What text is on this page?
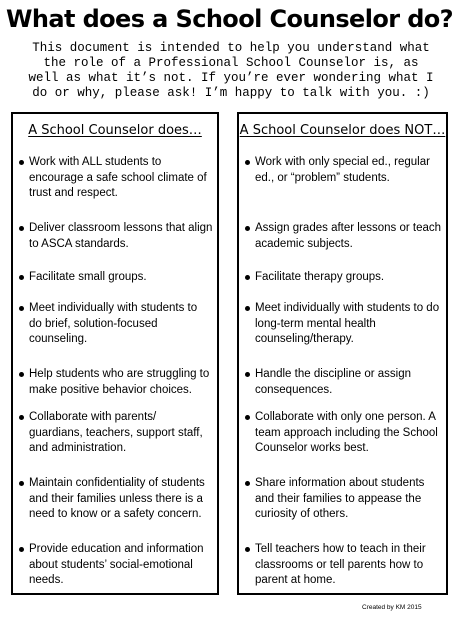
What does a School Counselor do?

This document is intended to help you understand what the role of a Professional School Counselor is, as well as what it’s not. If you’re ever wondering what I do or why, please ask! I’m happy to talk with you. :)

A School Counselor does…
Work with ALL students to encourage a safe school climate of trust and respect.
Deliver classroom lessons that align to ASCA standards.
Facilitate small groups.
Meet individually with students to do brief, solution-focused counseling.
Help students who are struggling to make positive behavior choices.
Collaborate with parents/ guardians, teachers, support staff, and administration.
Maintain confidentiality of students and their families unless there is a need to know or a safety concern.
Provide education and information about students’ social-emotional needs.
A School Counselor does NOT…
Work with only special ed., regular ed., or “problem” students.
Assign grades after lessons or teach academic subjects.
Facilitate therapy groups.
Meet individually with students to do long-term mental health counseling/therapy.
Handle the discipline or assign consequences.
Collaborate with only one person. A team approach including the School Counselor works best.
Share information about students and their families to appease the curiosity of others.
Tell teachers how to teach in their classrooms or tell parents how to parent at home.

Created by KM 2015
